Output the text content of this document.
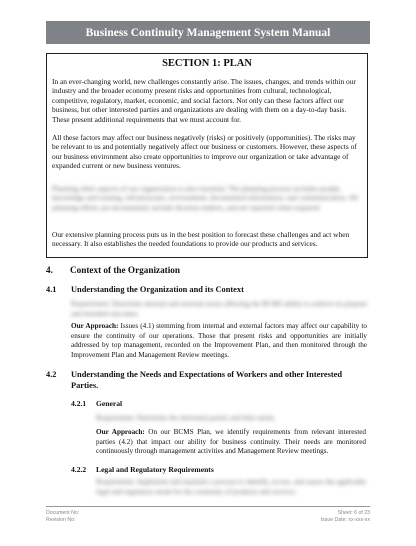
Business Continuity Management System Manual
SECTION 1: PLAN

In an ever-changing world, new challenges constantly arise. The issues, changes, and trends within our industry and the broader economy present risks and opportunities from cultural, technological, competitive, regulatory, market, economic, and social factors. Not only can these factors affect our business, but other interested parties and organizations are dealing with them on a day-to-day basis. These present additional requirements that we must account for.

All these factors may affect our business negatively (risks) or positively (opportunities). The risks may be relevant to us and potentially negatively affect our business or customers. However, these aspects of our business environment also create opportunities to improve our organization or take advantage of expanded current or new business ventures.

Planning other aspects of our organization is also essential. The planning process includes people, knowledge and training, infrastructure, environment, documented information, and communication. All planning efforts are documented, include decision makers, and are reported when required.

Our extensive planning process puts us in the best position to forecast these challenges and act when necessary. It also establishes the needed foundations to provide our products and services.

4. Context of the Organization
4.1 Understanding the Organization and its Context

Requirement: Determine internal and external issues affecting the BCMS ability to achieve its purpose and intended outcomes.

Our Approach: Issues (4.1) stemming from internal and external factors may affect our capability to ensure the continuity of our operations. Those that present risks and opportunities are initially addressed by top management, recorded on the Improvement Plan, and then monitored through the Improvement Plan and Management Review meetings.

4.2 Understanding the Needs and Expectations of Workers and other Interested
Parties.
4.2.1 General

Requirement: Determine the interested parties and their needs.

Our Approach: On our BCMS Plan, we identify requirements from relevant interested parties (4.2) that impact our ability for business continuity. Their needs are monitored continuously through management activities and Management Review meetings.

4.2.2 Legal and Regulatory Requirements

Requirement: Implement and maintain a process to identify, access, and assess the applicable legal and regulatory needs for the continuity of products and services.

Document No:
Revision No:
Sheet: 6 of 23
Issue Date: xx-xxx-xx
